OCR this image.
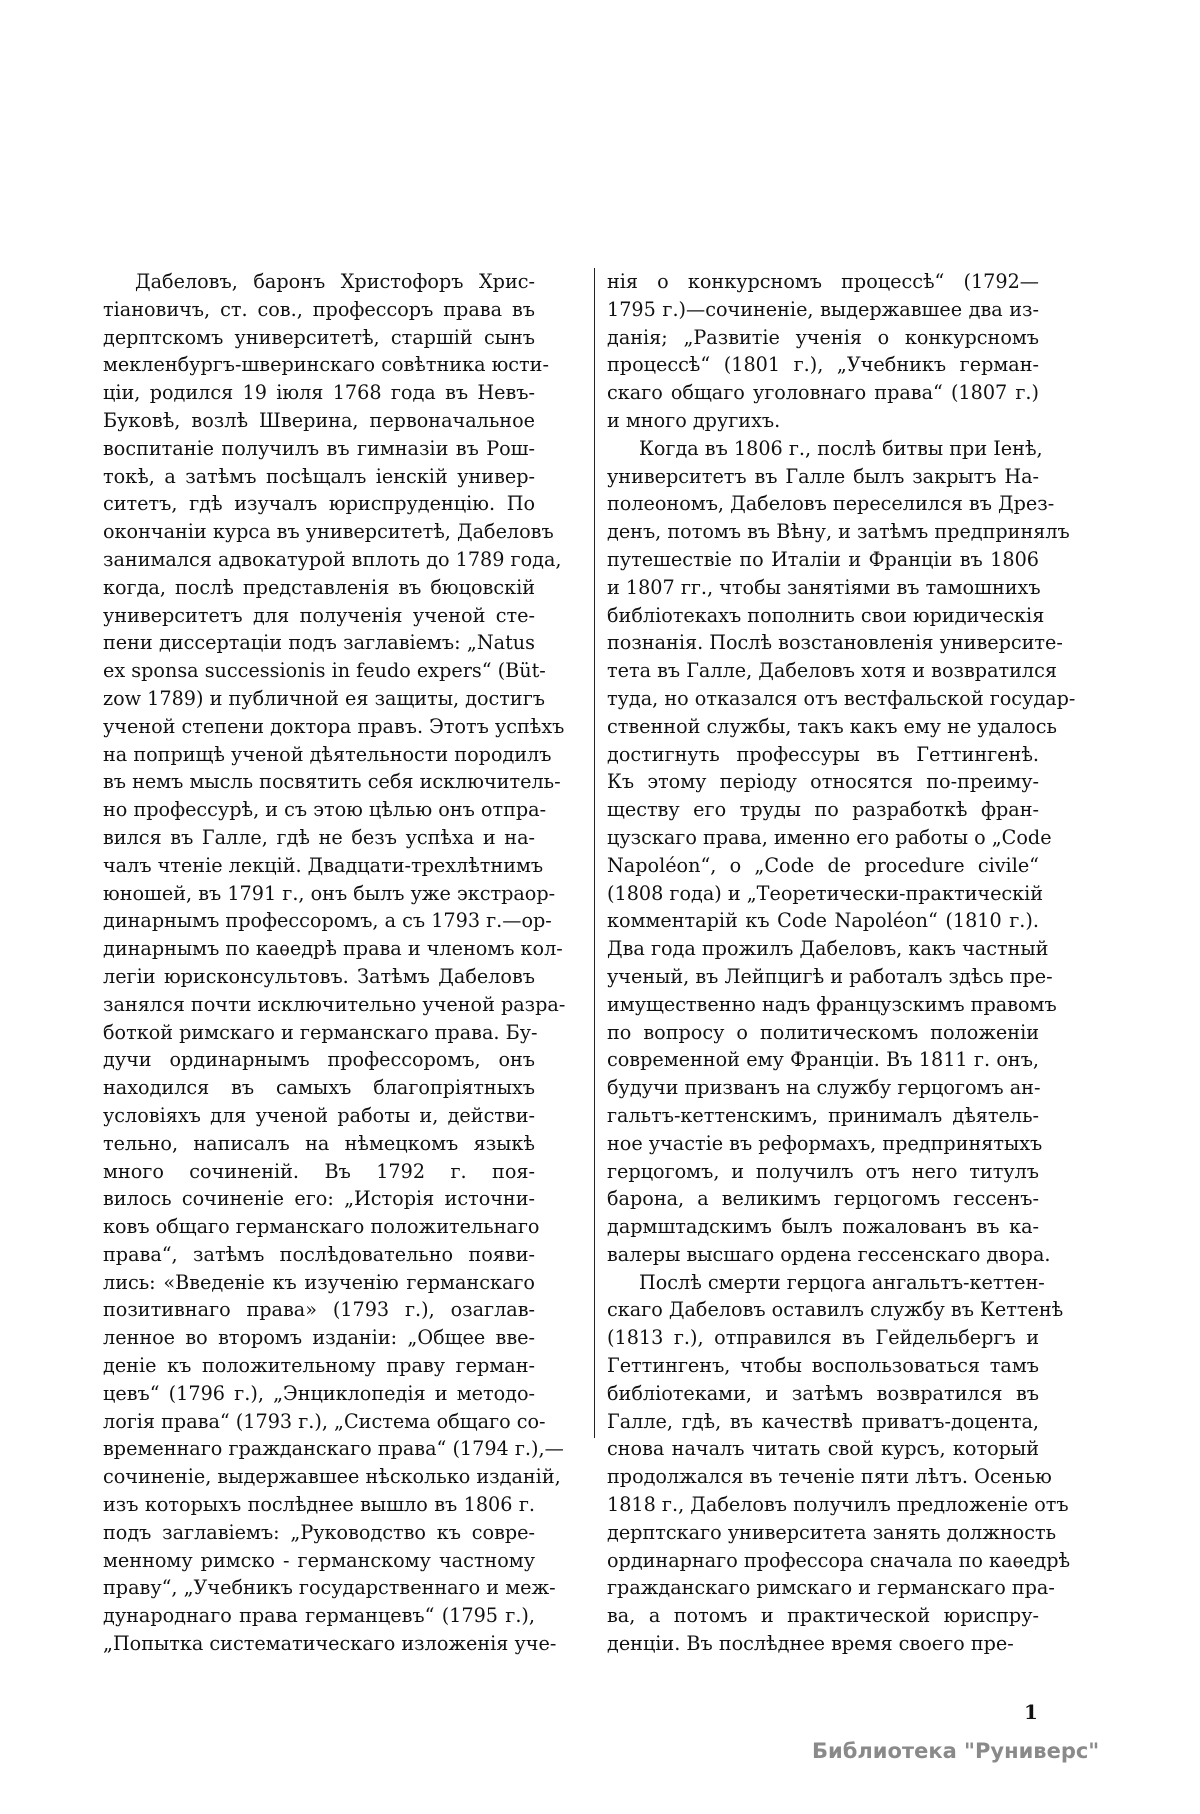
Дабеловъ, баронъ Христофоръ Хрис-
тіановичъ, ст. сов., профессоръ права въ
дерптскомъ университетѣ, старшій сынъ
мекленбургъ-шверинскаго совѣтника юсти-
ціи, родился 19 іюля 1768 года въ Невъ-
Буковѣ, возлѣ Шверина, первоначальное
воспитаніе получилъ въ гимназіи въ Рош-
токѣ, а затѣмъ посѣщалъ іенскій универ-
ситетъ, гдѣ изучалъ юриспруденцію. По
окончаніи курса въ университетѣ, Дабеловъ
занимался адвокатурой вплоть до 1789 года,
когда, послѣ представленія въ бюцовскій
университетъ для полученія ученой сте-
пени диссертаціи подъ заглавіемъ: „Natus
ex sponsa successionis in feudo expers“ (Büt-
zow 1789) и публичной ея защиты, достигъ
ученой степени доктора правъ. Этотъ успѣхъ
на поприщѣ ученой дѣятельности породилъ
въ немъ мысль посвятить себя исключитель-
но профессурѣ, и съ этою цѣлью онъ отпра-
вился въ Галле, гдѣ не безъ успѣха и на-
чалъ чтеніе лекцій. Двадцати-трехлѣтнимъ
юношей, въ 1791 г., онъ былъ уже экстраор-
динарнымъ профессоромъ, а съ 1793 г.—ор-
динарнымъ по каѳедрѣ права и членомъ кол-
легіи юрисконсультовъ. Затѣмъ Дабеловъ
занялся почти исключительно ученой разра-
боткой римскаго и германскаго права. Бу-
дучи ординарнымъ профессоромъ, онъ
находился въ самыхъ благопріятныхъ
условіяхъ для ученой работы и, действи-
тельно, написалъ на нѣмецкомъ языкѣ
много сочиненій. Въ 1792 г. поя-
вилось сочиненіе его: „Исторія источни-
ковъ общаго германскаго положительнаго
права“, затѣмъ послѣдовательно появи-
лись: «Введеніе къ изученію германскаго
позитивнаго права» (1793 г.), озаглав-
ленное во второмъ изданіи: „Общее вве-
деніе къ положительному праву герман-
цевъ“ (1796 г.), „Энциклопедія и методо-
логія права“ (1793 г.), „Система общаго со-
временнаго гражданскаго права“ (1794 г.),—
сочиненіе, выдержавшее нѣсколько изданій,
изъ которыхъ послѣднее вышло въ 1806 г.
подъ заглавіемъ: „Руководство къ совре-
менному римско - германскому частному
праву“, „Учебникъ государственнаго и меж-
дународнаго права германцевъ“ (1795 г.),
„Попытка систематическаго изложенія уче-
нія о конкурсномъ процессѣ“ (1792—
1795 г.)—сочиненіе, выдержавшее два из-
данія; „Развитіе ученія о конкурсномъ
процессѣ“ (1801 г.), „Учебникъ герман-
скаго общаго уголовнаго права“ (1807 г.)
и много другихъ.
Когда въ 1806 г., послѣ битвы при Іенѣ,
университетъ въ Галле былъ закрытъ На-
полеономъ, Дабеловъ переселился въ Дрез-
денъ, потомъ въ Вѣну, и затѣмъ предпринялъ
путешествіе по Италіи и Франціи въ 1806
и 1807 гг., чтобы занятіями въ тамошнихъ
библіотекахъ пополнить свои юридическія
познанія. Послѣ возстановленія университе-
тета въ Галле, Дабеловъ хотя и возвратился
туда, но отказался отъ вестфальской государ-
ственной службы, такъ какъ ему не удалось
достигнуть профессуры въ Геттингенѣ.
Къ этому періоду относятся по-преиму-
ществу его труды по разработкѣ фран-
цузскаго права, именно его работы о „Code
Napoléon“, о „Code de procedure civile“
(1808 года) и „Теоретически-практическій
комментарій къ Code Napoléon“ (1810 г.).
Два года прожилъ Дабеловъ, какъ частный
ученый, въ Лейпцигѣ и работалъ здѣсь пре-
имущественно надъ французскимъ правомъ
по вопросу о политическомъ положеніи
современной ему Франціи. Въ 1811 г. онъ,
будучи призванъ на службу герцогомъ ан-
гальтъ-кеттенскимъ, принималъ дѣятель-
ное участіе въ реформахъ, предпринятыхъ
герцогомъ, и получилъ отъ него титулъ
барона, а великимъ герцогомъ гессенъ-
дармштадскимъ былъ пожалованъ въ ка-
валеры высшаго ордена гессенскаго двора.
Послѣ смерти герцога ангальтъ-кеттен-
скаго Дабеловъ оставилъ службу въ Кеттенѣ
(1813 г.), отправился въ Гейдельбергъ и
Геттингенъ, чтобы воспользоваться тамъ
библіотеками, и затѣмъ возвратился въ
Галле, гдѣ, въ качествѣ приватъ-доцента,
снова началъ читать свой курсъ, который
продолжался въ теченіе пяти лѣтъ. Осенью
1818 г., Дабеловъ получилъ предложеніе отъ
дерптскаго университета занять должность
ординарнаго профессора сначала по каѳедрѣ
гражданскаго римскаго и германскаго пра-
ва, а потомъ и практической юриспру-
денціи. Въ послѣднее время своего пре-
1
Библиотека "Руниверс"
